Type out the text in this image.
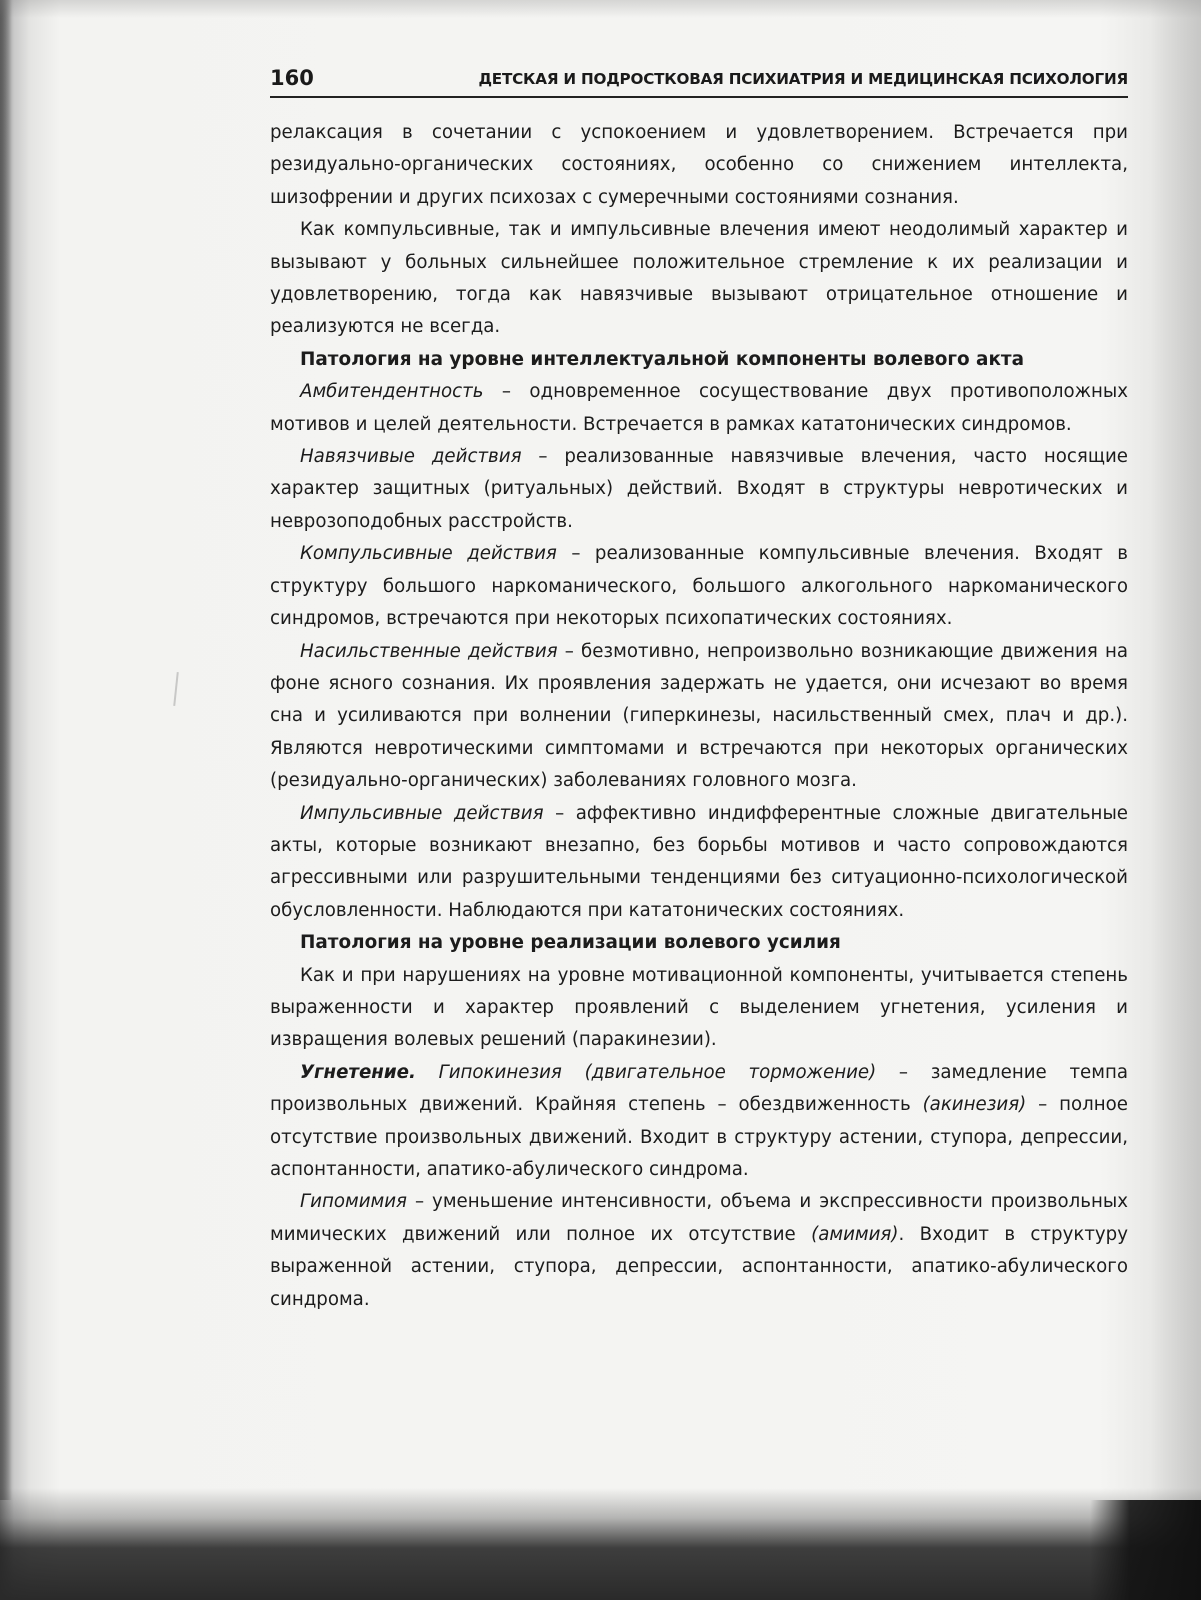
160	ДЕТСКАЯ И ПОДРОСТКОВАЯ ПСИХИАТРИЯ И МЕДИЦИНСКАЯ ПСИХОЛОГИЯ

релаксация в сочетании с успокоением и удовлетворением. Встречается при резидуально-органических состояниях, особенно со снижением интеллекта, шизофрении и других психозах с сумеречными состояниями сознания.

Как компульсивные, так и импульсивные влечения имеют неодолимый характер и вызывают у больных сильнейшее положительное стремление к их реализации и удовлетворению, тогда как навязчивые вызывают отрицательное отношение и реализуются не всегда.

Патология на уровне интеллектуальной компоненты волевого акта

Амбитендентность – одновременное сосуществование двух противоположных мотивов и целей деятельности. Встречается в рамках кататонических синдромов.

Навязчивые действия – реализованные навязчивые влечения, часто носящие характер защитных (ритуальных) действий. Входят в структуры невротических и неврозоподобных расстройств.

Компульсивные действия – реализованные компульсивные влечения. Входят в структуру большого наркоманического, большого алкогольного наркоманического синдромов, встречаются при некоторых психопатических состояниях.

Насильственные действия – безмотивно, непроизвольно возникающие движения на фоне ясного сознания. Их проявления задержать не удается, они исчезают во время сна и усиливаются при волнении (гиперкинезы, насильственный смех, плач и др.). Являются невротическими симптомами и встречаются при некоторых органических (резидуально-органических) заболеваниях головного мозга.

Импульсивные действия – аффективно индифферентные сложные двигательные акты, которые возникают внезапно, без борьбы мотивов и часто сопровождаются агрессивными или разрушительными тенденциями без ситуационно-психологической обусловленности. Наблюдаются при кататонических состояниях.

Патология на уровне реализации волевого усилия

Как и при нарушениях на уровне мотивационной компоненты, учитывается степень выраженности и характер проявлений с выделением угнетения, усиления и извращения волевых решений (паракинезии).

Угнетение. Гипокинезия (двигательное торможение) – замедление темпа произвольных движений. Крайняя степень – обездвиженность (акинезия) – полное отсутствие произвольных движений. Входит в структуру астении, ступора, депрессии, аспонтанности, апатико-абулического синдрома.

Гипомимия – уменьшение интенсивности, объема и экспрессивности произвольных мимических движений или полное их отсутствие (амимия). Входит в структуру выраженной астении, ступора, депрессии, аспонтанности, апатико-абулического синдрома.
